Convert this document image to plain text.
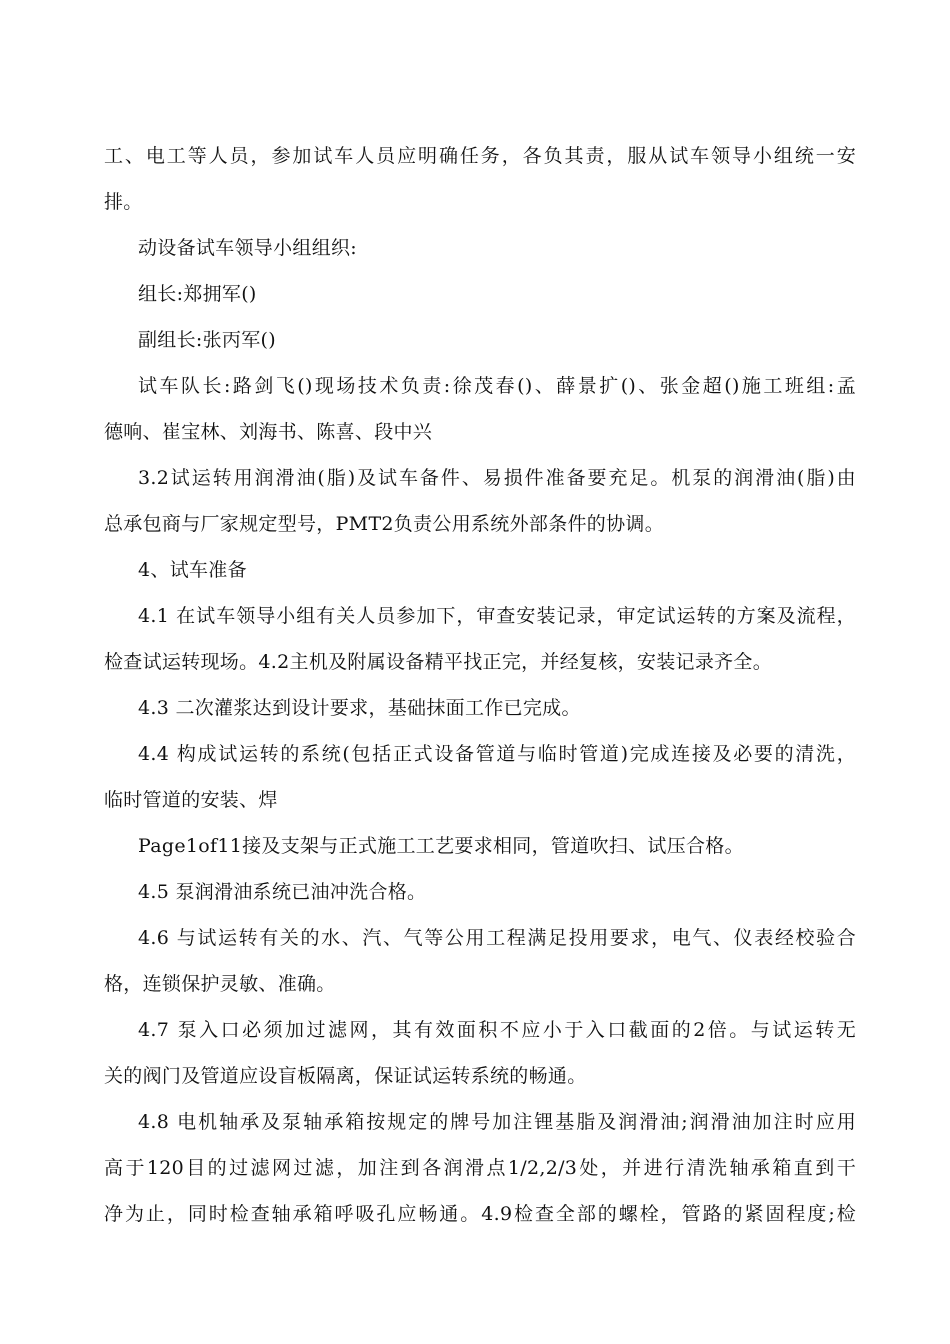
工、电工等人员，参加试车人员应明确任务，各负其责，服从试车领导小组统一安
排。

动设备试车领导小组组织:

组长:郑拥军()

副组长:张丙军()

试车队长:路剑飞()现场技术负责:徐茂春()、薛景扩()、张金超()施工班组:孟
德响、崔宝林、刘海书、陈喜、段中兴

3.2试运转用润滑油(脂)及试车备件、易损件准备要充足。机泵的润滑油(脂)由
总承包商与厂家规定型号，PMT2负责公用系统外部条件的协调。

4、试车准备

4.1 在试车领导小组有关人员参加下，审查安装记录，审定试运转的方案及流程，
检查试运转现场。4.2主机及附属设备精平找正完，并经复核，安装记录齐全。

4.3 二次灌浆达到设计要求，基础抹面工作已完成。

4.4 构成试运转的系统(包括正式设备管道与临时管道)完成连接及必要的清洗，
临时管道的安装、焊

Page1of11接及支架与正式施工工艺要求相同，管道吹扫、试压合格。

4.5 泵润滑油系统已油冲洗合格。

4.6 与试运转有关的水、汽、气等公用工程满足投用要求，电气、仪表经校验合
格，连锁保护灵敏、准确。

4.7 泵入口必须加过滤网，其有效面积不应小于入口截面的2倍。与试运转无
关的阀门及管道应设盲板隔离，保证试运转系统的畅通。

4.8 电机轴承及泵轴承箱按规定的牌号加注锂基脂及润滑油;润滑油加注时应用
高于120目的过滤网过滤，加注到各润滑点1/2,2/3处，并进行清洗轴承箱直到干
净为止，同时检查轴承箱呼吸孔应畅通。4.9检查全部的螺栓，管路的紧固程度;检
